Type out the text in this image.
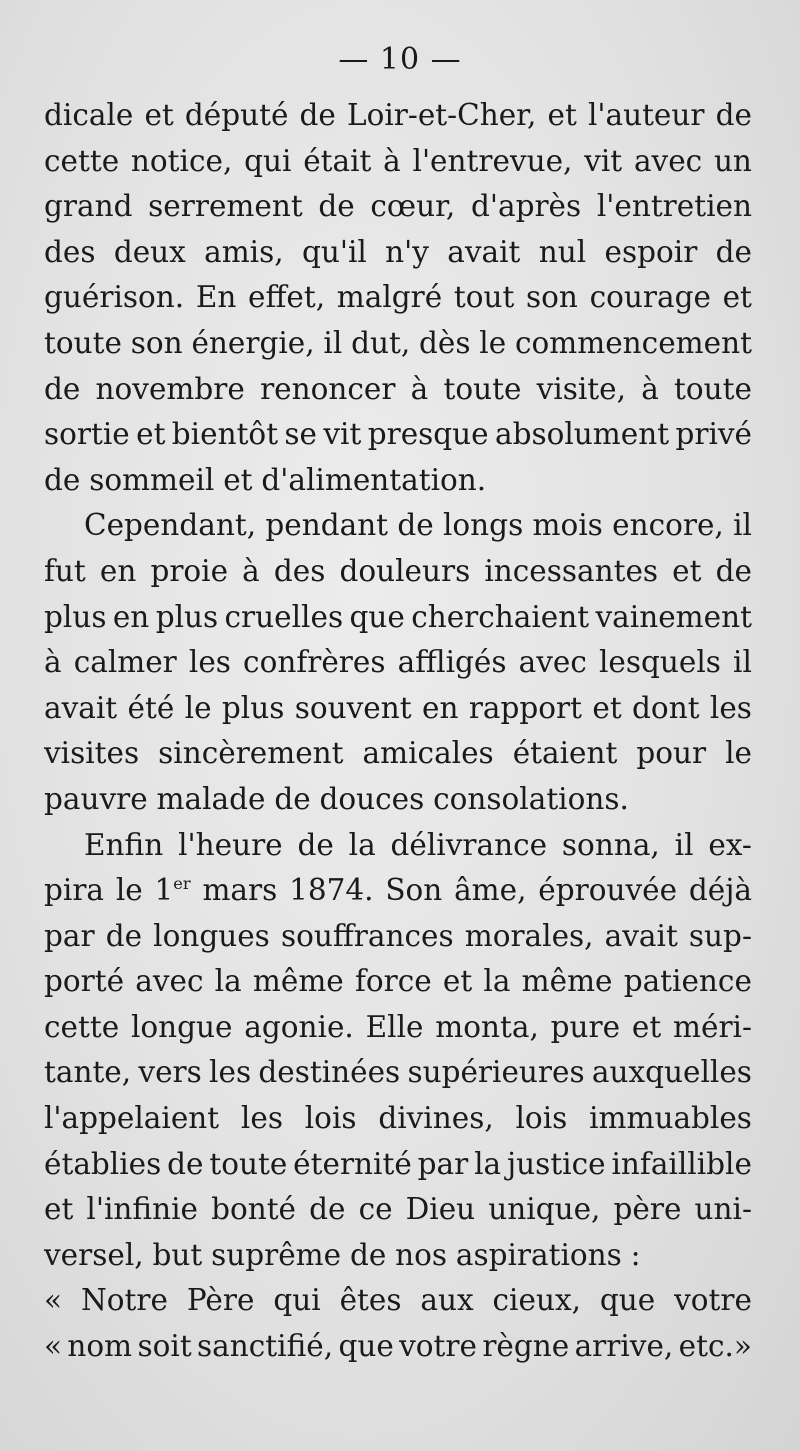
— 10 —
dicale et député de Loir-et-Cher, et l'auteur de
cette notice, qui était à l'entrevue, vit avec un
grand serrement de cœur, d'après l'entretien
des deux amis, qu'il n'y avait nul espoir de
guérison. En effet, malgré tout son courage et
toute son énergie, il dut, dès le commencement
de novembre renoncer à toute visite, à toute
sortie et bientôt se vit presque absolument privé
de sommeil et d'alimentation.
Cependant, pendant de longs mois encore, il
fut en proie à des douleurs incessantes et de
plus en plus cruelles que cherchaient vainement
à calmer les confrères affligés avec lesquels il
avait été le plus souvent en rapport et dont les
visites sincèrement amicales étaient pour le
pauvre malade de douces consolations.
Enfin l'heure de la délivrance sonna, il ex-
pira le 1er mars 1874. Son âme, éprouvée déjà
par de longues souffrances morales, avait sup-
porté avec la même force et la même patience
cette longue agonie. Elle monta, pure et méri-
tante, vers les destinées supérieures auxquelles
l'appelaient les lois divines, lois immuables
établies de toute éternité par la justice infaillible
et l'infinie bonté de ce Dieu unique, père uni-
versel, but suprême de nos aspirations :
« Notre Père qui êtes aux cieux, que votre
« nom soit sanctifié, que votre règne arrive, etc.»
